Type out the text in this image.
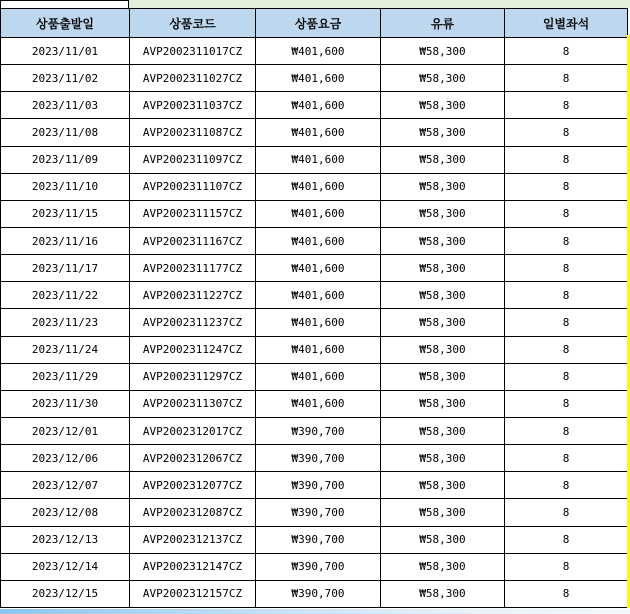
상품출발일	상품코드	상품요금	유류	일별좌석
2023/11/01	AVP2002311017CZ	₩401,600	₩58,300	8
2023/11/02	AVP2002311027CZ	₩401,600	₩58,300	8
2023/11/03	AVP2002311037CZ	₩401,600	₩58,300	8
2023/11/08	AVP2002311087CZ	₩401,600	₩58,300	8
2023/11/09	AVP2002311097CZ	₩401,600	₩58,300	8
2023/11/10	AVP2002311107CZ	₩401,600	₩58,300	8
2023/11/15	AVP2002311157CZ	₩401,600	₩58,300	8
2023/11/16	AVP2002311167CZ	₩401,600	₩58,300	8
2023/11/17	AVP2002311177CZ	₩401,600	₩58,300	8
2023/11/22	AVP2002311227CZ	₩401,600	₩58,300	8
2023/11/23	AVP2002311237CZ	₩401,600	₩58,300	8
2023/11/24	AVP2002311247CZ	₩401,600	₩58,300	8
2023/11/29	AVP2002311297CZ	₩401,600	₩58,300	8
2023/11/30	AVP2002311307CZ	₩401,600	₩58,300	8
2023/12/01	AVP2002312017CZ	₩390,700	₩58,300	8
2023/12/06	AVP2002312067CZ	₩390,700	₩58,300	8
2023/12/07	AVP2002312077CZ	₩390,700	₩58,300	8
2023/12/08	AVP2002312087CZ	₩390,700	₩58,300	8
2023/12/13	AVP2002312137CZ	₩390,700	₩58,300	8
2023/12/14	AVP2002312147CZ	₩390,700	₩58,300	8
2023/12/15	AVP2002312157CZ	₩390,700	₩58,300	8
